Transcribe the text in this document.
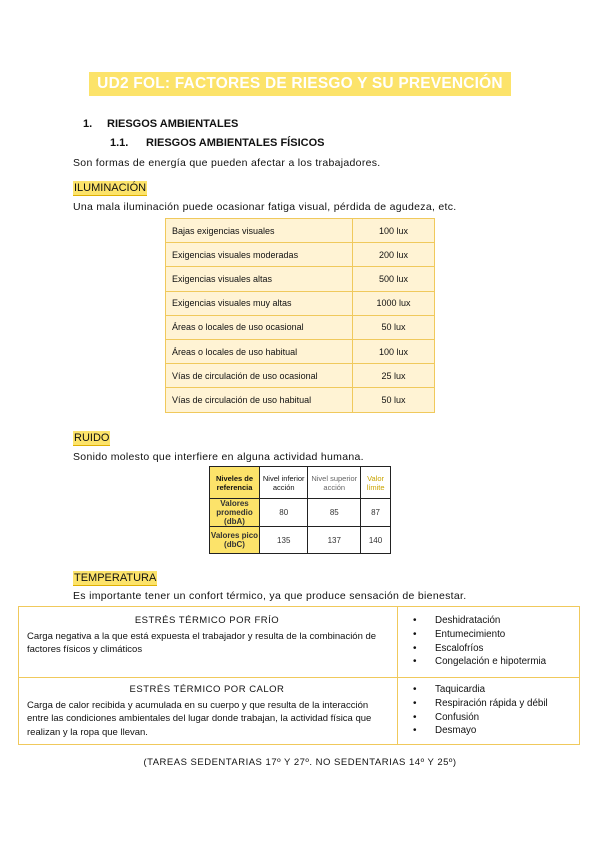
UD2 FOL: FACTORES DE RIESGO Y SU PREVENCIÓN
1. RIESGOS AMBIENTALES
1.1. RIESGOS AMBIENTALES FÍSICOS
Son formas de energía que pueden afectar a los trabajadores.
ILUMINACIÓN
Una mala iluminación puede ocasionar fatiga visual, pérdida de agudeza, etc.
Bajas exigencias visuales	100 lux
Exigencias visuales moderadas	200 lux
Exigencias visuales altas	500 lux
Exigencias visuales muy altas	1000 lux
Áreas o locales de uso ocasional	50 lux
Áreas o locales de uso habitual	100 lux
Vías de circulación de uso ocasional	25 lux
Vías de circulación de uso habitual	50 lux
RUIDO
Sonido molesto que interfiere en alguna actividad humana.
Niveles de referencia	Nivel inferior acción	Nivel superior acción	Valor límite
Valores promedio (dbA)	80	85	87
Valores pico (dbC)	135	137	140
TEMPERATURA
Es importante tener un confort térmico, ya que produce sensación de bienestar.
ESTRÉS TÉRMICO POR FRÍO
Carga negativa a la que está expuesta el trabajador y resulta de la combinación de factores físicos y climáticos
• Deshidratación
• Entumecimiento
• Escalofríos
• Congelación e hipotermia
ESTRÉS TÉRMICO POR CALOR
Carga de calor recibida y acumulada en su cuerpo y que resulta de la interacción entre las condiciones ambientales del lugar donde trabajan, la actividad física que realizan y la ropa que llevan.
• Taquicardia
• Respiración rápida y débil
• Confusión
• Desmayo
(TAREAS SEDENTARIAS 17º Y 27º. NO SEDENTARIAS 14º Y 25º)
